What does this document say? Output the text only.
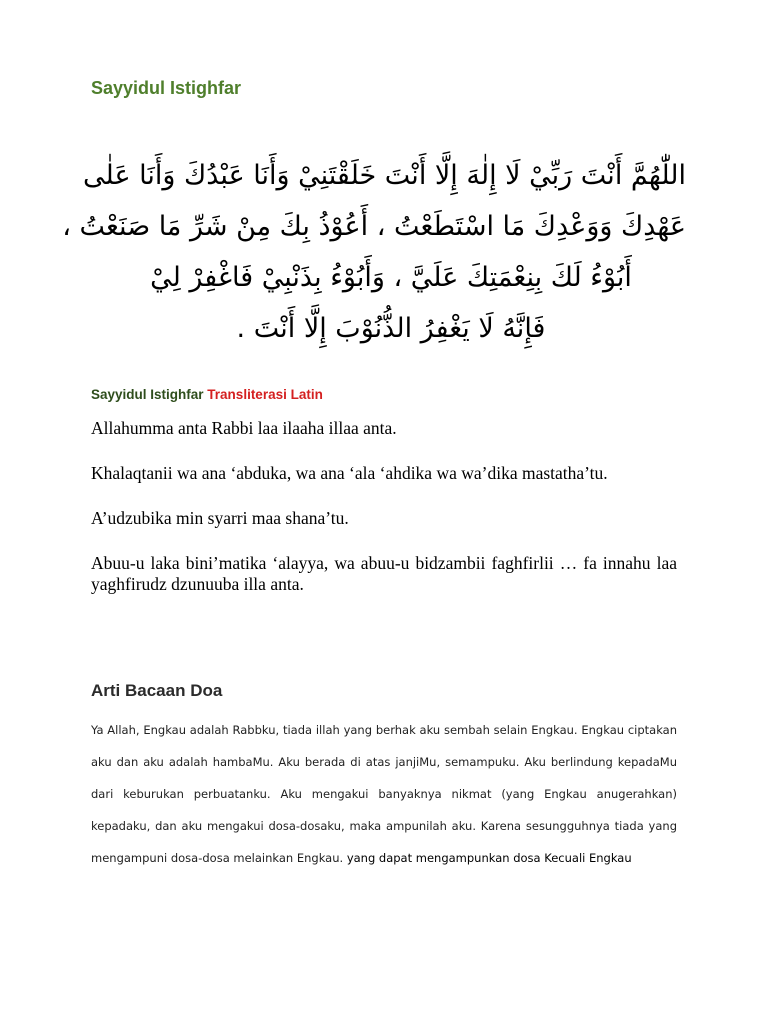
Sayyidul Istighfar
اللّٰهُمَّ أَنْتَ رَبِّيْ لَا إِلٰهَ إِلَّا أَنْتَ خَلَقْتَنِيْ وَأَنَا عَبْدُكَ وَأَنَا عَلٰى
عَهْدِكَ وَوَعْدِكَ مَا اسْتَطَعْتُ ، أَعُوْذُ بِكَ مِنْ شَرِّ مَا صَنَعْتُ ،
أَبُوْءُ لَكَ بِنِعْمَتِكَ عَلَيَّ ، وَأَبُوْءُ بِذَنْبِيْ فَاغْفِرْ لِيْ
فَإِنَّهُ لَا يَغْفِرُ الذُّنُوْبَ إِلَّا أَنْتَ .
Sayyidul Istighfar Transliterasi Latin

Allahumma anta Rabbi laa ilaaha illaa anta.

Khalaqtanii wa ana ‘abduka, wa ana ‘ala ‘ahdika wa wa’dika mastatha’tu.

A’udzubika min syarri maa shana’tu.

Abuu-u laka bini’matika ‘alayya, wa abuu-u bidzambii faghfirlii … fa innahu laa yaghfirudz dzunuuba illa anta.

Arti Bacaan Doa

Ya Allah, Engkau adalah Rabbku, tiada illah yang berhak aku sembah selain Engkau. Engkau ciptakan aku dan aku adalah hambaMu. Aku berada di atas janjiMu, semampuku. Aku berlindung kepadaMu dari keburukan perbuatanku. Aku mengakui banyaknya nikmat (yang Engkau anugerahkan) kepadaku, dan aku mengakui dosa-dosaku, maka ampunilah aku. Karena sesungguhnya tiada yang mengampuni dosa-dosa melainkan Engkau. yang dapat mengampunkan dosa Kecuali Engkau
